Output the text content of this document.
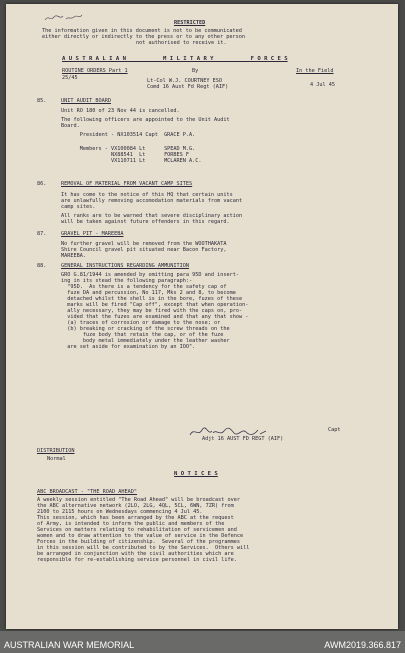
RESTRICTED
The information given in this document is not to be communicated
either directly or indirectly to the press or to any other person
not authorised to receive it.
A U S T R A L I A N           M I L I T A R Y           F O R C E S
ROUTINE ORDERS Part 1	By	In the Field
25/45	Lt-Col W.J. COURTNEY ESO
Comd 16 Aust Fd Regt (AIF)	4 Jul 45
85.	UNIT AUDIT BOARD
Unit RO 180 of 23 Nov 44 is cancelled.
The following officers are appointed to the Unit Audit
Board.
President - NX103514 Capt  GRACE P.A.
Members - VX100084 Lt      SPEAD M.G.
NX88541  Lt      FORBES F
VX110711 Lt      MCLAREN A.C.
86.	REMOVAL OF MATERIAL FROM VACANT CAMP SITES
It has come to the notice of this HQ that certain units
are unlawfully removing accomodation materials from vacant
camp sites.
All ranks are to be warned that severe disciplinary action
will be taken against future offenders in this regard.
87.	GRAVEL PIT - MAREEBA
No further gravel will be removed from the WOOTHAKATA
Shire Council gravel pit situated near Bacon Factory,
MAREEBA.
88.	GENERAL INSTRUCTIONS REGARDING AMMUNITION
GRO G.81/1944 is amended by omitting para 95D and insert-
ing in its stead the following paragraph:-
"95D.  As there is a tendency for the safety cap of
fuze DA and percussion, No 117, Mks 2 and 8, to become
detached whilst the shell is in the bore, fuzes of these
marks will be fired "Cap off", except that when operation-
ally necessary, they may be fired with the caps on, pro-
vided that the fuzes are examined and that any that show -
(a) traces of corrosion or damage to the nose; or
(b) breaking or cracking of the screw threads on the
fuze body that retain the cap, or of the fuze
body metal immediately under the leather washer
are set aside for examination by an IOO".
Capt
Adjt 16 AUST FD REGT (AIF)
DISTRIBUTION
Normal
N O T I C E S
ABC BROADCAST - "THE ROAD AHEAD"
A weekly session entitled "The Road Ahead" will be broadcast over
the ABC alternative network (2LO, 2LG, 4QL, 5CL, 6WN, 7ZR) from
2100 to 2115 hours on Wednesdays commencing 4 Jul 45.
This session, which has been arranged by the ABC at the request
of Army, is intended to inform the public and members of the
Services on matters relating to rehabilitation of servicemen and
women and to draw attention to the value of service in the Defence
Forces in the building of citizenship.  Several of the programmes
in this session will be contributed to by the Services.  Others will
be arranged in conjunction with the civil authorities which are
responsible for re-establishing service personnel in civil life.
AUSTRALIAN WAR MEMORIAL	AWM2019.366.817
